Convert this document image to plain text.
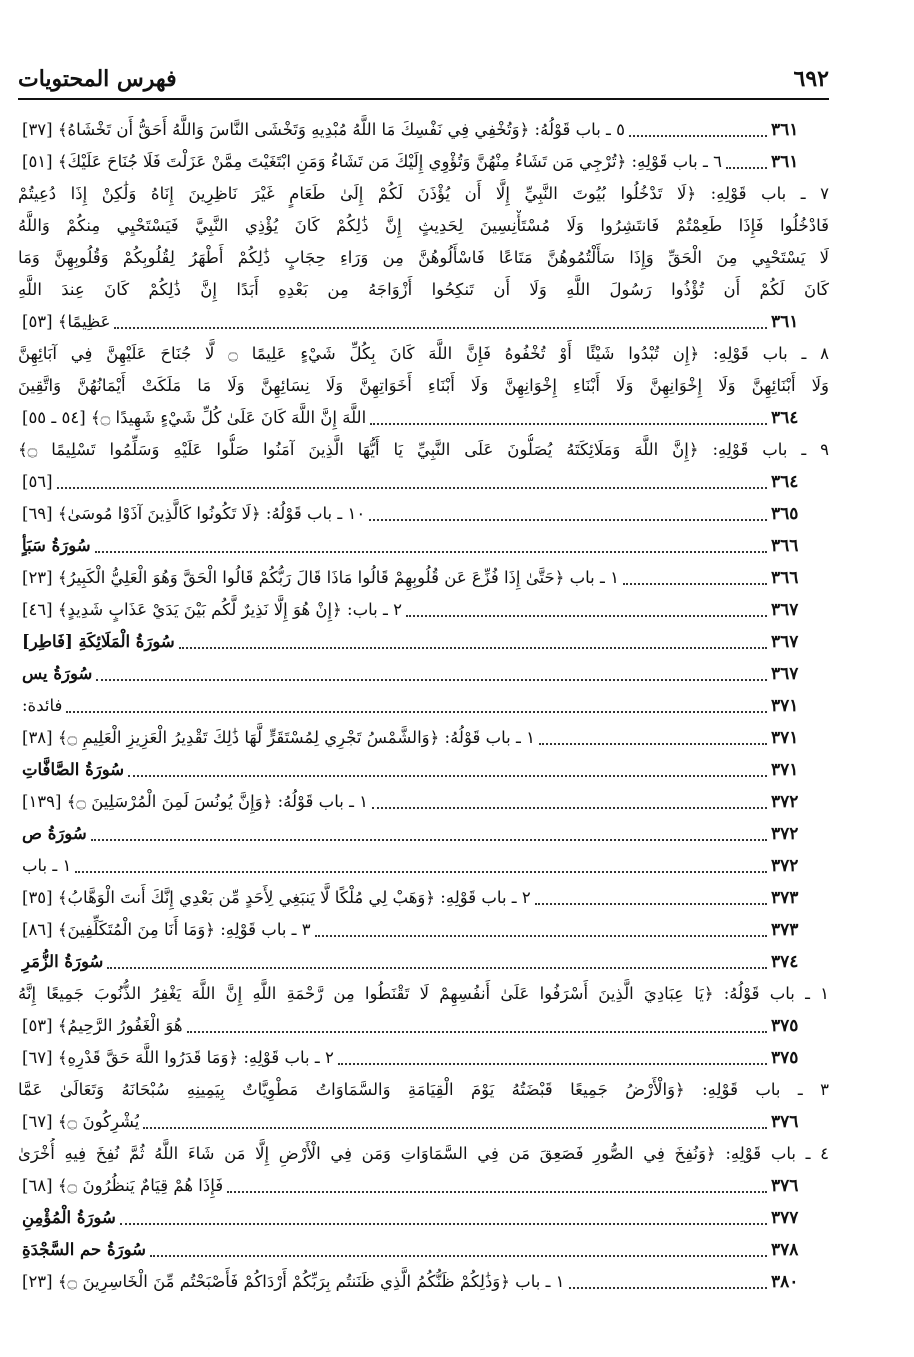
٦٩٢
فهرس المحتويات
٥ ـ باب قَوْلُهُ: ﴿وَتُخْفِي فِي نَفْسِكَ مَا اللَّهُ مُبْدِيهِ وَتَخْشَى النَّاسَ وَاللَّهُ أَحَقُّ أَن تَخْشَاهُ﴾ [٣٧]	٣٦١
٦ ـ باب قَوْلِهِ: ﴿تُرْجِي مَن تَشَاءُ مِنْهُنَّ وَتُؤْوِي إِلَيْكَ مَن تَشَاءُ وَمَنِ ابْتَغَيْتَ مِمَّنْ عَزَلْتَ فَلَا جُنَاحَ عَلَيْكَ﴾ [٥١]	٣٦١
٧ ـ باب قَوْلِهِ: ﴿لَا تَدْخُلُوا بُيُوتَ النَّبِيِّ إِلَّا أَن يُؤْذَنَ لَكُمْ إِلَىٰ طَعَامٍ غَيْرَ نَاظِرِينَ إِنَاهُ وَلَٰكِنْ إِذَا دُعِيتُمْ
فَادْخُلُوا فَإِذَا طَعِمْتُمْ فَانتَشِرُوا وَلَا مُسْتَأْنِسِينَ لِحَدِيثٍ إِنَّ ذَٰلِكُمْ كَانَ يُؤْذِي النَّبِيَّ فَيَسْتَحْيِي مِنكُمْ وَاللَّهُ
لَا يَسْتَحْيِي مِنَ الْحَقِّ وَإِذَا سَأَلْتُمُوهُنَّ مَتَاعًا فَاسْأَلُوهُنَّ مِن وَرَاءِ حِجَابٍ ذَٰلِكُمْ أَطْهَرُ لِقُلُوبِكُمْ وَقُلُوبِهِنَّ وَمَا
كَانَ لَكُمْ أَن تُؤْذُوا رَسُولَ اللَّهِ وَلَا أَن تَنكِحُوا أَزْوَاجَهُ مِن بَعْدِهِ أَبَدًا إِنَّ ذَٰلِكُمْ كَانَ عِندَ اللَّهِ
عَظِيمًا﴾ [٥٣]	٣٦١
٨ ـ باب قَوْلِهِ: ﴿إِن تُبْدُوا شَيْئًا أَوْ تُخْفُوهُ فَإِنَّ اللَّهَ كَانَ بِكُلِّ شَيْءٍ عَلِيمًا ۝ لَّا جُنَاحَ عَلَيْهِنَّ فِي آبَائِهِنَّ
وَلَا أَبْنَائِهِنَّ وَلَا إِخْوَانِهِنَّ وَلَا أَبْنَاءِ إِخْوَانِهِنَّ وَلَا أَبْنَاءِ أَخَوَاتِهِنَّ وَلَا نِسَائِهِنَّ وَلَا مَا مَلَكَتْ أَيْمَانُهُنَّ وَاتَّقِينَ
اللَّهَ إِنَّ اللَّهَ كَانَ عَلَىٰ كُلِّ شَيْءٍ شَهِيدًا ۝﴾ [٥٤ ـ ٥٥]	٣٦٤
٩ ـ باب قَوْلِهِ: ﴿إِنَّ اللَّهَ وَمَلَائِكَتَهُ يُصَلُّونَ عَلَى النَّبِيِّ يَا أَيُّهَا الَّذِينَ آمَنُوا صَلُّوا عَلَيْهِ وَسَلِّمُوا تَسْلِيمًا ۝﴾
[٥٦]	٣٦٤
١٠ ـ باب قَوْلُهُ: ﴿لَا تَكُونُوا كَالَّذِينَ آذَوْا مُوسَىٰ﴾ [٦٩]	٣٦٥
سُورَةُ سَبَأٍ	٣٦٦
١ ـ باب ﴿حَتَّىٰ إِذَا فُزِّعَ عَن قُلُوبِهِمْ قَالُوا مَاذَا قَالَ رَبُّكُمْ قَالُوا الْحَقَّ وَهُوَ الْعَلِيُّ الْكَبِيرُ﴾ [٢٣]	٣٦٦
٢ ـ باب: ﴿إِنْ هُوَ إِلَّا نَذِيرٌ لَّكُم بَيْنَ يَدَيْ عَذَابٍ شَدِيدٍ﴾ [٤٦]	٣٦٧
سُورَةُ الْمَلَائِكَةِ [فَاطِر]	٣٦٧
سُورَةُ يس	٣٦٧
فائدة:	٣٧١
١ ـ باب قَوْلُهُ: ﴿وَالشَّمْسُ تَجْرِي لِمُسْتَقَرٍّ لَّهَا ذَٰلِكَ تَقْدِيرُ الْعَزِيزِ الْعَلِيمِ ۝﴾ [٣٨]	٣٧١
سُورَةُ الصَّافَّاتِ	٣٧١
١ ـ باب قَوْلُهُ: ﴿وَإِنَّ يُونُسَ لَمِنَ الْمُرْسَلِينَ ۝﴾ [١٣٩]	٣٧٢
سُورَةُ ص	٣٧٢
١ ـ باب	٣٧٢
٢ ـ باب قَوْلِهِ: ﴿وَهَبْ لِي مُلْكًا لَّا يَنبَغِي لِأَحَدٍ مِّن بَعْدِي إِنَّكَ أَنتَ الْوَهَّابُ﴾ [٣٥]	٣٧٣
٣ ـ باب قَوْلِهِ: ﴿وَمَا أَنَا مِنَ الْمُتَكَلِّفِينَ﴾ [٨٦]	٣٧٣
سُورَةُ الزُّمَرِ	٣٧٤
١ ـ باب قَوْلُهُ: ﴿يَا عِبَادِيَ الَّذِينَ أَسْرَفُوا عَلَىٰ أَنفُسِهِمْ لَا تَقْنَطُوا مِن رَّحْمَةِ اللَّهِ إِنَّ اللَّهَ يَغْفِرُ الذُّنُوبَ جَمِيعًا إِنَّهُ
هُوَ الْغَفُورُ الرَّحِيمُ﴾ [٥٣]	٣٧٥
٢ ـ باب قَوْلِهِ: ﴿وَمَا قَدَرُوا اللَّهَ حَقَّ قَدْرِهِ﴾ [٦٧]	٣٧٥
٣ ـ باب قَوْلِهِ: ﴿وَالْأَرْضُ جَمِيعًا قَبْضَتُهُ يَوْمَ الْقِيَامَةِ وَالسَّمَاوَاتُ مَطْوِيَّاتٌ بِيَمِينِهِ سُبْحَانَهُ وَتَعَالَىٰ عَمَّا
يُشْرِكُونَ ۝﴾ [٦٧]	٣٧٦
٤ ـ باب قَوْلِهِ: ﴿وَنُفِخَ فِي الصُّورِ فَصَعِقَ مَن فِي السَّمَاوَاتِ وَمَن فِي الْأَرْضِ إِلَّا مَن شَاءَ اللَّهُ ثُمَّ نُفِخَ فِيهِ أُخْرَىٰ
فَإِذَا هُمْ قِيَامٌ يَنظُرُونَ ۝﴾ [٦٨]	٣٧٦
سُورَةُ الْمُؤْمِنِ	٣٧٧
سُورَةُ حم السَّجْدَةِ	٣٧٨
١ ـ باب ﴿وَذَٰلِكُمْ ظَنُّكُمُ الَّذِي ظَنَنتُم بِرَبِّكُمْ أَرْدَاكُمْ فَأَصْبَحْتُم مِّنَ الْخَاسِرِينَ ۝﴾ [٢٣]	٣٨٠
